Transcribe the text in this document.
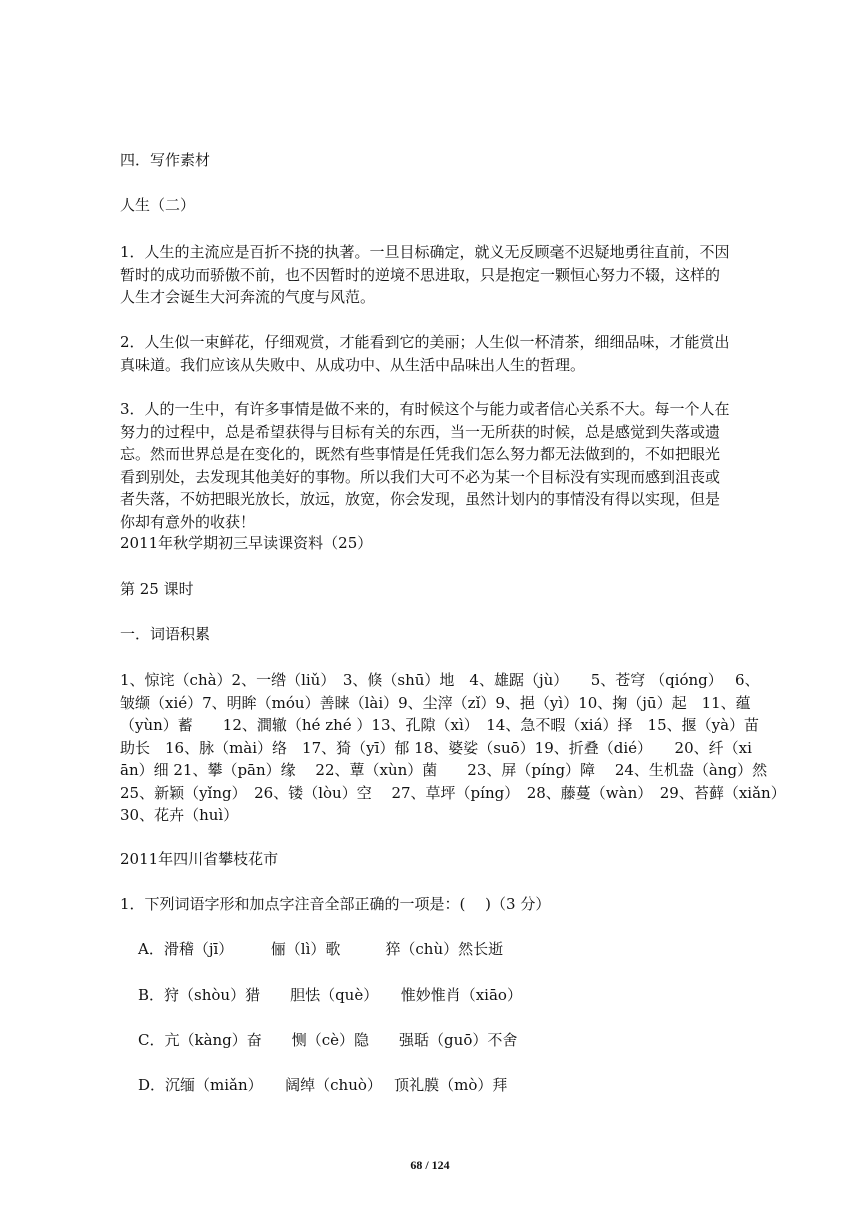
四．写作素材
人生（二）
1．人生的主流应是百折不挠的执著。一旦目标确定，就义无反顾毫不迟疑地勇往直前，不因
暂时的成功而骄傲不前，也不因暂时的逆境不思进取，只是抱定一颗恒心努力不辍，这样的
人生才会诞生大河奔流的气度与风范。
2．人生似一束鲜花，仔细观赏，才能看到它的美丽；人生似一杯清茶，细细品味，才能赏出
真味道。我们应该从失败中、从成功中、从生活中品味出人生的哲理。
3．人的一生中，有许多事情是做不来的，有时候这个与能力或者信心关系不大。每一个人在
努力的过程中，总是希望获得与目标有关的东西，当一无所获的时候，总是感觉到失落或遗
忘。然而世界总是在变化的，既然有些事情是任凭我们怎么努力都无法做到的，不如把眼光
看到别处，去发现其他美好的事物。所以我们大可不必为某一个目标没有实现而感到沮丧或
者失落，不妨把眼光放长，放远，放宽，你会发现，虽然计划内的事情没有得以实现，但是
你却有意外的收获！
2011年秋学期初三早读课资料（25）
第 25 课时
一．词语积累
1、惊诧（chà）2、一绺（liǔ）　3、倏（shū）地　4、雄踞（jù）　　5、苍穹 （qióng）　 6、
皱缬（xié）7、明眸（móu）善睐（lài）9、尘滓（zǐ）9、挹（yì）10、掬（jū）起　11、蕴
（yùn）蓄　　12、澗辙（hé zhé ）13、孔隙（xì）　14、急不暇（xiá）择　15、揠（yà）苗
助长　16、脉（mài）络　17、猗（yī）郁 18、婆娑（suō）19、折叠（dié）　　20、纤（xi
ān）细 21、攀（pān）缘　 22、蕈（xùn）菌　　23、屏（píng）障　 24、生机盎（àng）然
25、新颖（yǐng）　26、镂（lòu）空　 27、草坪（píng）　28、藤蔓（wàn）　29、苔藓（xiǎn）
30、花卉（huì）
2011年四川省攀枝花市
1．下列词语字形和加点字注音全部正确的一项是：(　 )（3 分）
A．滑稽（jī）　　　俪（lì）歌　　　猝（chù）然长逝
B．狩（shòu）猎　　胆怯（què）　　惟妙惟肖（xiāo）
C．亢（kàng）奋　　恻（cè）隐　　强聒（guō）不舍
D．沉缅（miǎn）　　阔绰（chuò）　 顶礼膜（mò）拜
68 / 124
